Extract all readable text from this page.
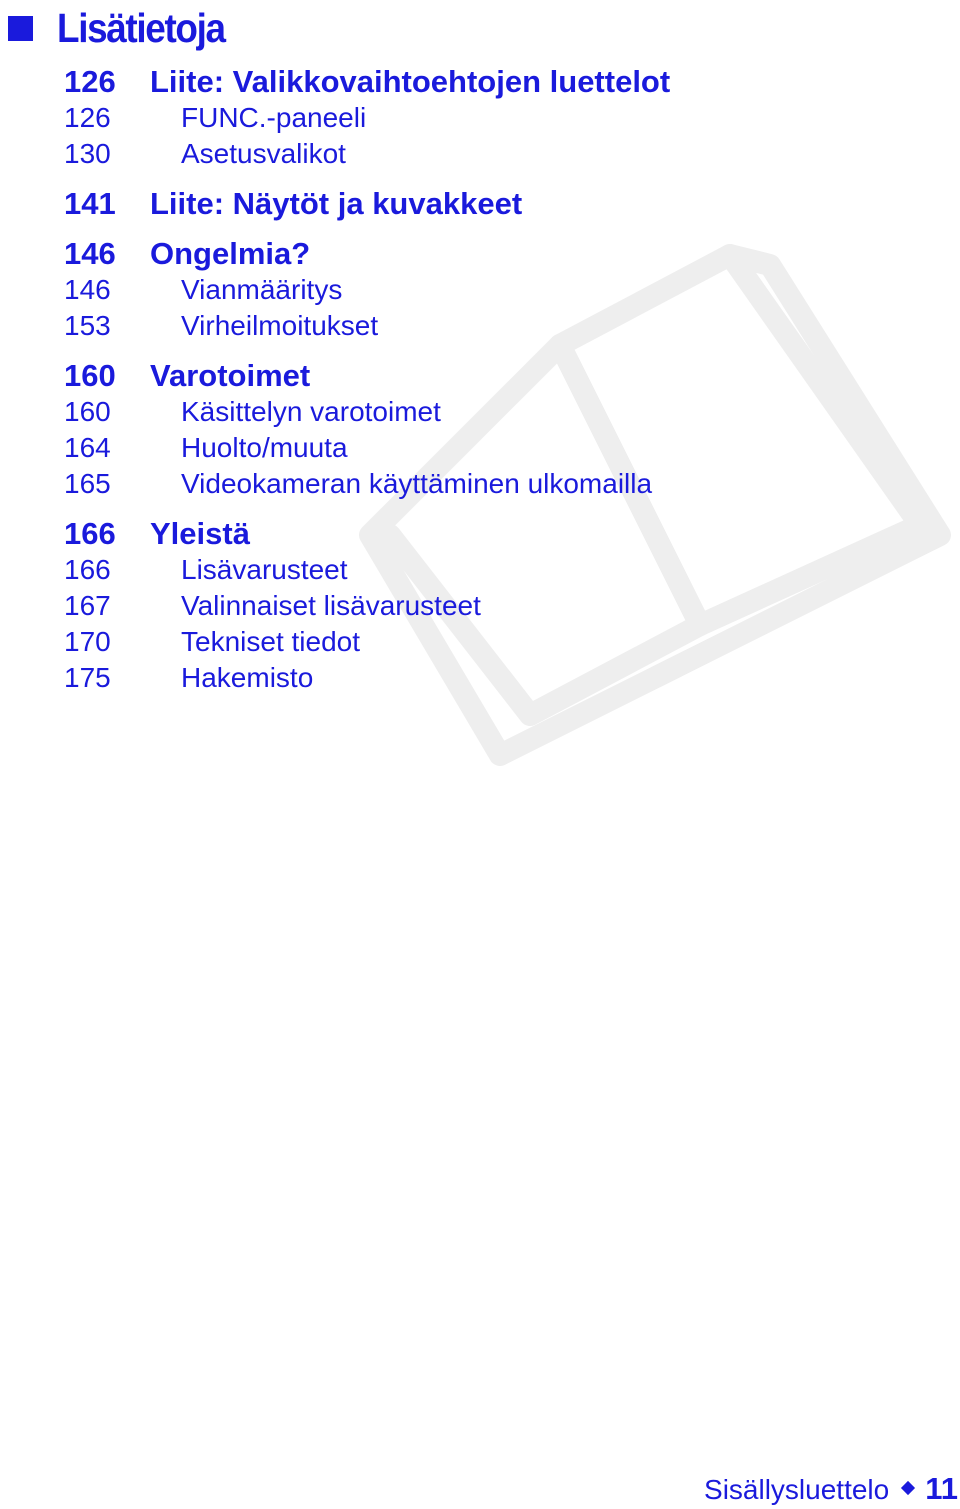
Lisätietoja
126 Liite: Valikkovaihtoehtojen luettelot
126	FUNC.-paneeli
130	Asetusvalikot
141 Liite: Näytöt ja kuvakkeet
146 Ongelmia?
146	Vianmääritys
153	Virheilmoitukset
160 Varotoimet
160	Käsittelyn varotoimet
164	Huolto/muuta
165	Videokameran käyttäminen ulkomailla
166 Yleistä
166	Lisävarusteet
167	Valinnaiset lisävarusteet
170	Tekniset tiedot
175	Hakemisto
Sisällysluettelo 11
